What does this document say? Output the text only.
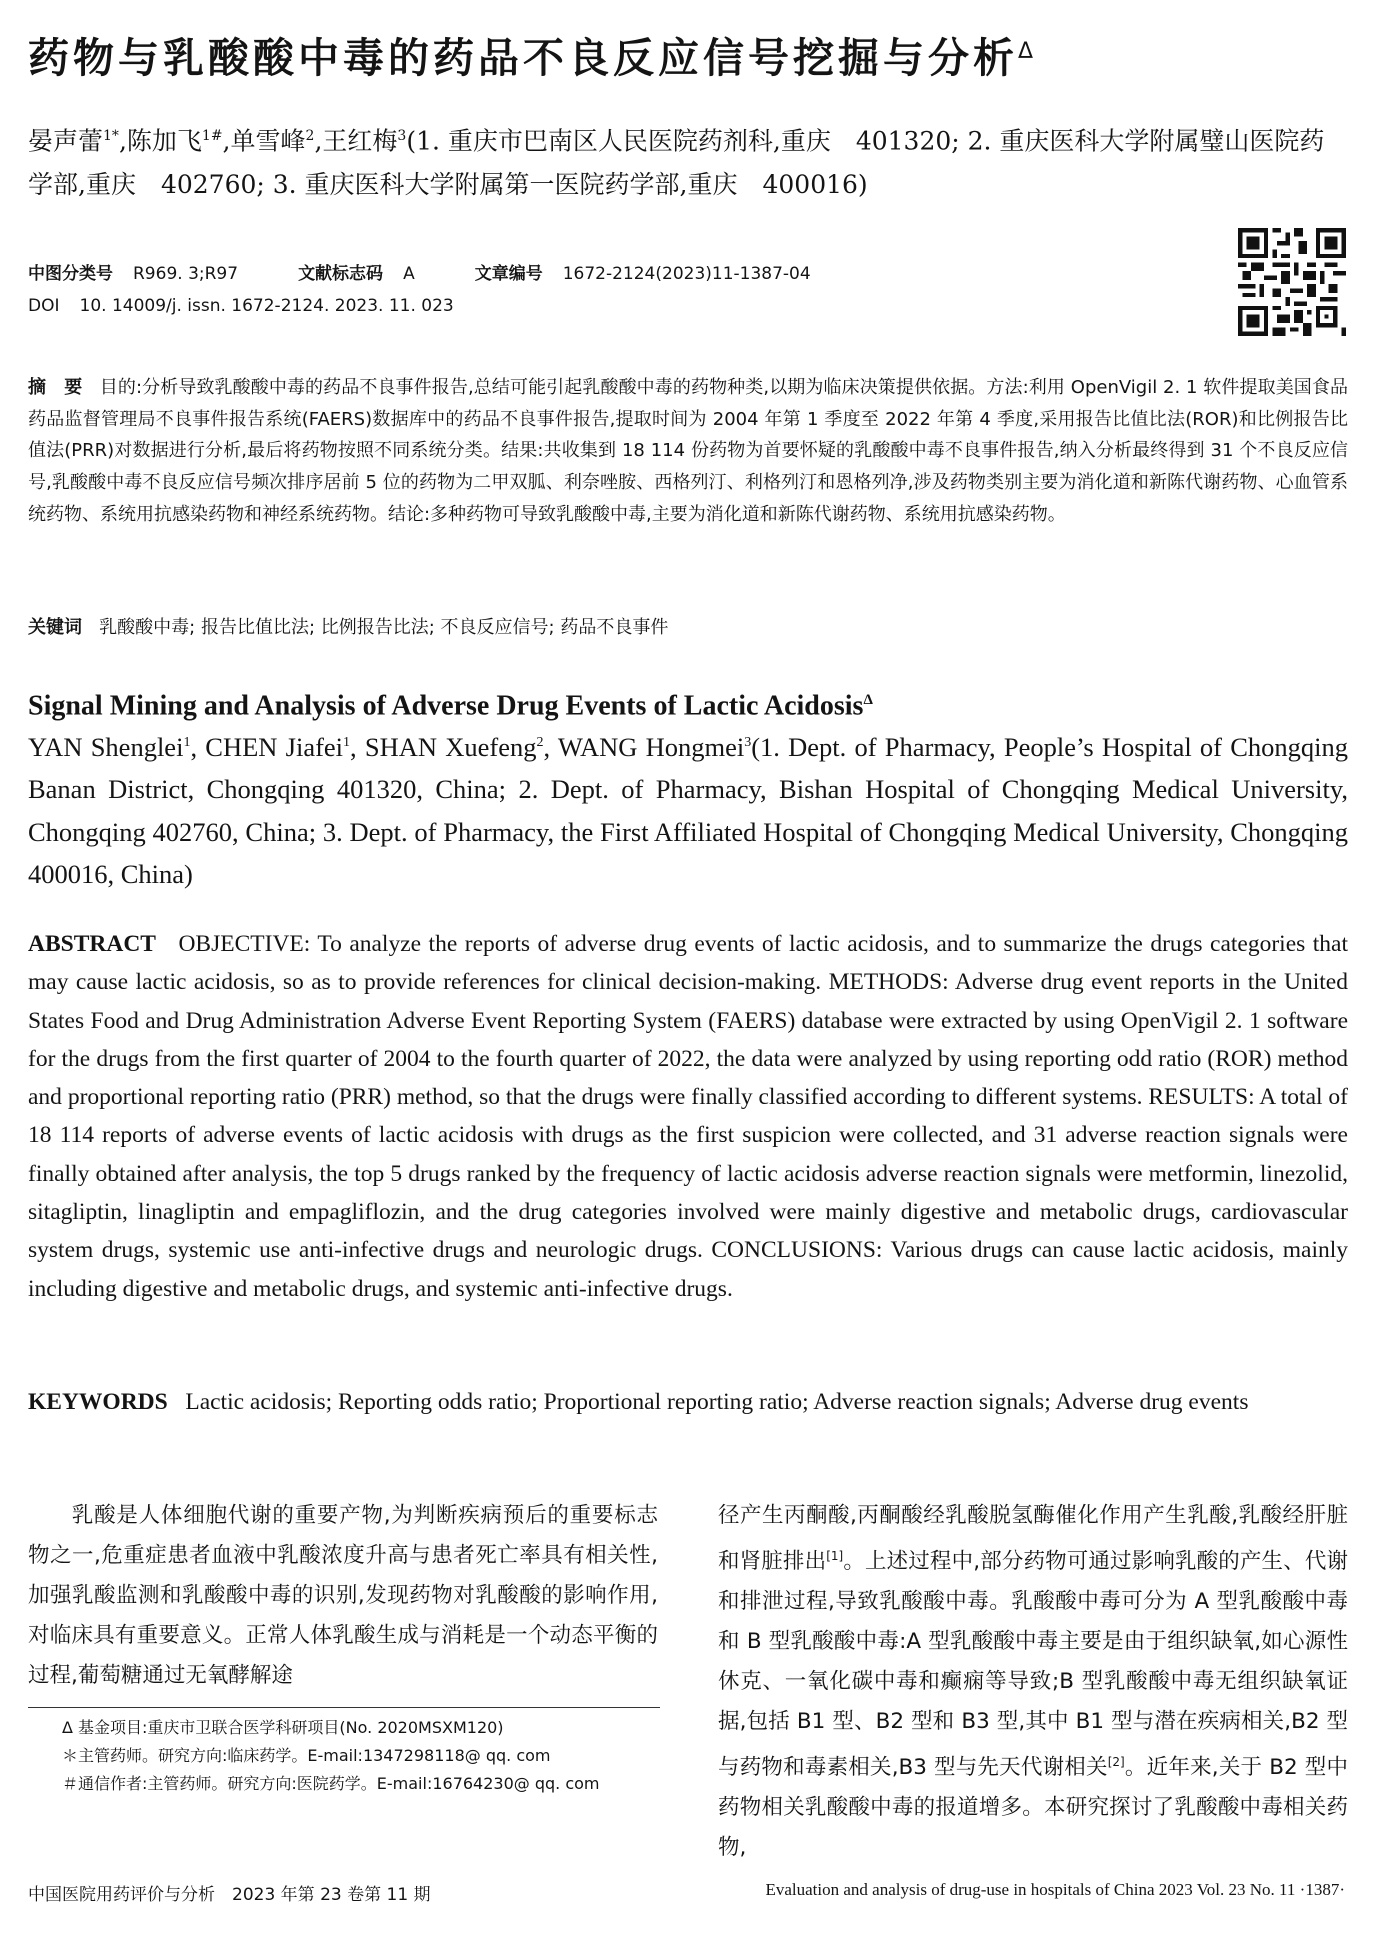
药物与乳酸酸中毒的药品不良反应信号挖掘与分析$^\Delta$
晏声蕾$^{1*}$,陈加飞$^{1\#}$,单雪峰$^2$,王红梅$^3$(1. 重庆市巴南区人民医院药剂科,重庆　401320; 2. 重庆医科大学附属璧山医院药学部,重庆　402760; 3. 重庆医科大学附属第一医院药学部,重庆　400016)
中图分类号 R969. 3;R97	文献标志码 A	文章编号 1672-2124(2023)11-1387-04
DOI 10. 14009/j. issn. 1672-2124. 2023. 11. 023
摘　要 目的:分析导致乳酸酸中毒的药品不良事件报告,总结可能引起乳酸酸中毒的药物种类,以期为临床决策提供依据。方法:利用 OpenVigil 2. 1 软件提取美国食品药品监督管理局不良事件报告系统(FAERS)数据库中的药品不良事件报告,提取时间为 2004 年第 1 季度至 2022 年第 4 季度,采用报告比值比法(ROR)和比例报告比值法(PRR)对数据进行分析,最后将药物按照不同系统分类。结果:共收集到 18 114 份药物为首要怀疑的乳酸酸中毒不良事件报告,纳入分析最终得到 31 个不良反应信号,乳酸酸中毒不良反应信号频次排序居前 5 位的药物为二甲双胍、利奈唑胺、西格列汀、利格列汀和恩格列净,涉及药物类别主要为消化道和新陈代谢药物、心血管系统药物、系统用抗感染药物和神经系统药物。结论:多种药物可导致乳酸酸中毒,主要为消化道和新陈代谢药物、系统用抗感染药物。
关键词 乳酸酸中毒; 报告比值比法; 比例报告比法; 不良反应信号; 药品不良事件
Signal Mining and Analysis of Adverse Drug Events of Lactic Acidosis$^\Delta$
YAN Shenglei$^1$, CHEN Jiafei$^1$, SHAN Xuefeng$^2$, WANG Hongmei$^3$(1. Dept. of Pharmacy, People’s Hospital of Chongqing Banan District, Chongqing 401320, China; 2. Dept. of Pharmacy, Bishan Hospital of Chongqing Medical University, Chongqing 402760, China; 3. Dept. of Pharmacy, the First Affiliated Hospital of Chongqing Medical University, Chongqing 400016, China)
ABSTRACT OBJECTIVE: To analyze the reports of adverse drug events of lactic acidosis, and to summarize the drugs categories that may cause lactic acidosis, so as to provide references for clinical decision-making. METHODS: Adverse drug event reports in the United States Food and Drug Administration Adverse Event Reporting System (FAERS) database were extracted by using OpenVigil 2. 1 software for the drugs from the first quarter of 2004 to the fourth quarter of 2022, the data were analyzed by using reporting odd ratio (ROR) method and proportional reporting ratio (PRR) method, so that the drugs were finally classified according to different systems. RESULTS: A total of 18 114 reports of adverse events of lactic acidosis with drugs as the first suspicion were collected, and 31 adverse reaction signals were finally obtained after analysis, the top 5 drugs ranked by the frequency of lactic acidosis adverse reaction signals were metformin, linezolid, sitagliptin, linagliptin and empagliflozin, and the drug categories involved were mainly digestive and metabolic drugs, cardiovascular system drugs, systemic use anti-infective drugs and neurologic drugs. CONCLUSIONS: Various drugs can cause lactic acidosis, mainly including digestive and metabolic drugs, and systemic anti-infective drugs.
KEYWORDS Lactic acidosis; Reporting odds ratio; Proportional reporting ratio; Adverse reaction signals; Adverse drug events
乳酸是人体细胞代谢的重要产物,为判断疾病预后的重要标志物之一,危重症患者血液中乳酸浓度升高与患者死亡率具有相关性,加强乳酸监测和乳酸酸中毒的识别,发现药物对乳酸酸的影响作用,对临床具有重要意义。正常人体乳酸生成与消耗是一个动态平衡的过程,葡萄糖通过无氧酵解途
径产生丙酮酸,丙酮酸经乳酸脱氢酶催化作用产生乳酸,乳酸经肝脏和肾脏排出[1]。上述过程中,部分药物可通过影响乳酸的产生、代谢和排泄过程,导致乳酸酸中毒。乳酸酸中毒可分为 A 型乳酸酸中毒和 B 型乳酸酸中毒:A 型乳酸酸中毒主要是由于组织缺氧,如心源性休克、一氧化碳中毒和癫痫等导致;B 型乳酸酸中毒无组织缺氧证据,包括 B1 型、B2 型和 B3 型,其中 B1 型与潜在疾病相关,B2 型与药物和毒素相关,B3 型与先天代谢相关[2]。近年来,关于 B2 型中药物相关乳酸酸中毒的报道增多。本研究探讨了乳酸酸中毒相关药物,
Δ 基金项目:重庆市卫联合医学科研项目(No. 2020MSXM120)
＊主管药师。研究方向:临床药学。E-mail:1347298118@ qq. com
＃通信作者:主管药师。研究方向:医院药学。E-mail:16764230@ qq. com
中国医院用药评价与分析　2023 年第 23 卷第 11 期	Evaluation and analysis of drug-use in hospitals of China 2023 Vol. 23 No. 11 ·1387·
